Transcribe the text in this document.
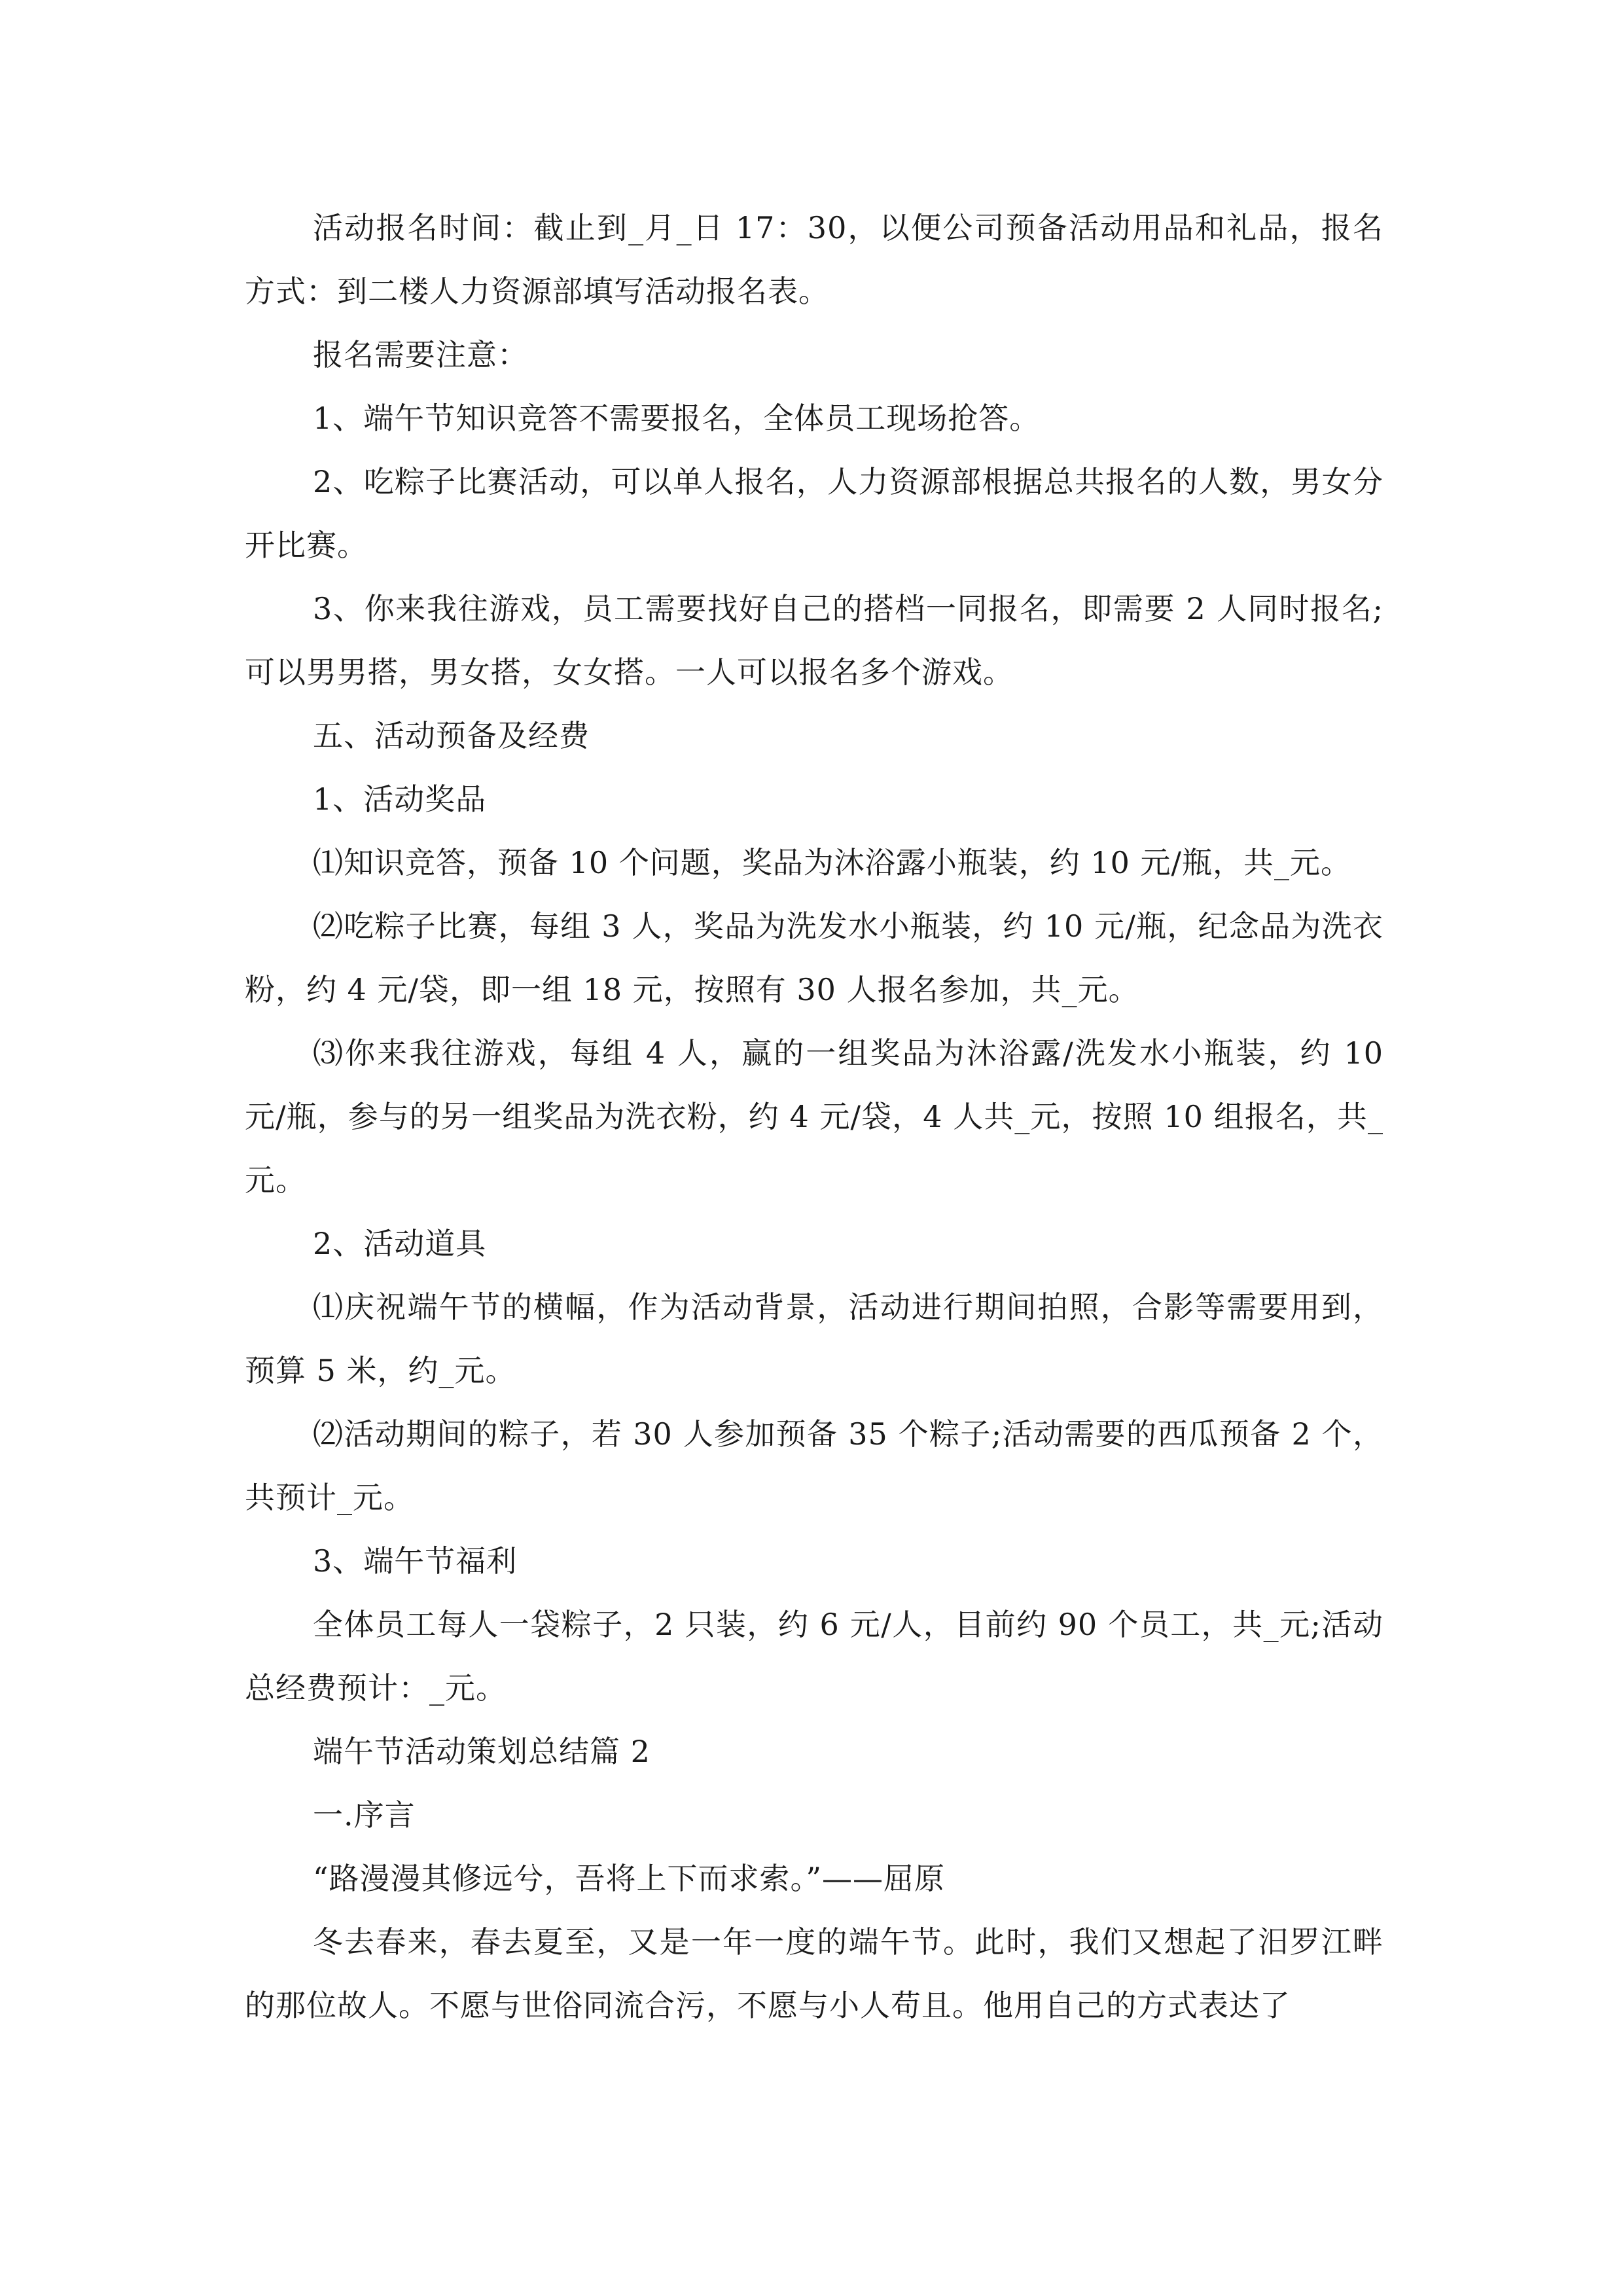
活动报名时间：截止到_月_日 17：30，以便公司预备活动用品和礼品，报名方式：到二楼人力资源部填写活动报名表。

报名需要注意：

1、端午节知识竞答不需要报名，全体员工现场抢答。

2、吃粽子比赛活动，可以单人报名，人力资源部根据总共报名的人数，男女分开比赛。

3、你来我往游戏，员工需要找好自己的搭档一同报名，即需要 2 人同时报名;可以男男搭，男女搭，女女搭。一人可以报名多个游戏。

五、活动预备及经费

1、活动奖品

⑴知识竞答，预备 10 个问题，奖品为沐浴露小瓶装，约 10 元/瓶，共_元。

⑵吃粽子比赛，每组 3 人，奖品为洗发水小瓶装，约 10 元/瓶，纪念品为洗衣粉，约 4 元/袋，即一组 18 元，按照有 30 人报名参加，共_元。

⑶你来我往游戏，每组 4 人，赢的一组奖品为沐浴露/洗发水小瓶装，约 10 元/瓶，参与的另一组奖品为洗衣粉，约 4 元/袋，4 人共_元，按照 10 组报名，共_元。

2、活动道具

⑴庆祝端午节的横幅，作为活动背景，活动进行期间拍照，合影等需要用到，预算 5 米，约_元。

⑵活动期间的粽子，若 30 人参加预备 35 个粽子;活动需要的西瓜预备 2 个，共预计_元。

3、端午节福利

全体员工每人一袋粽子，2 只装，约 6 元/人，目前约 90 个员工，共_元;活动总经费预计：_元。

端午节活动策划总结篇 2

一.序言

“路漫漫其修远兮，吾将上下而求索。”——屈原

冬去春来，春去夏至，又是一年一度的端午节。此时，我们又想起了汨罗江畔的那位故人。不愿与世俗同流合污，不愿与小人苟且。他用自己的方式表达了
